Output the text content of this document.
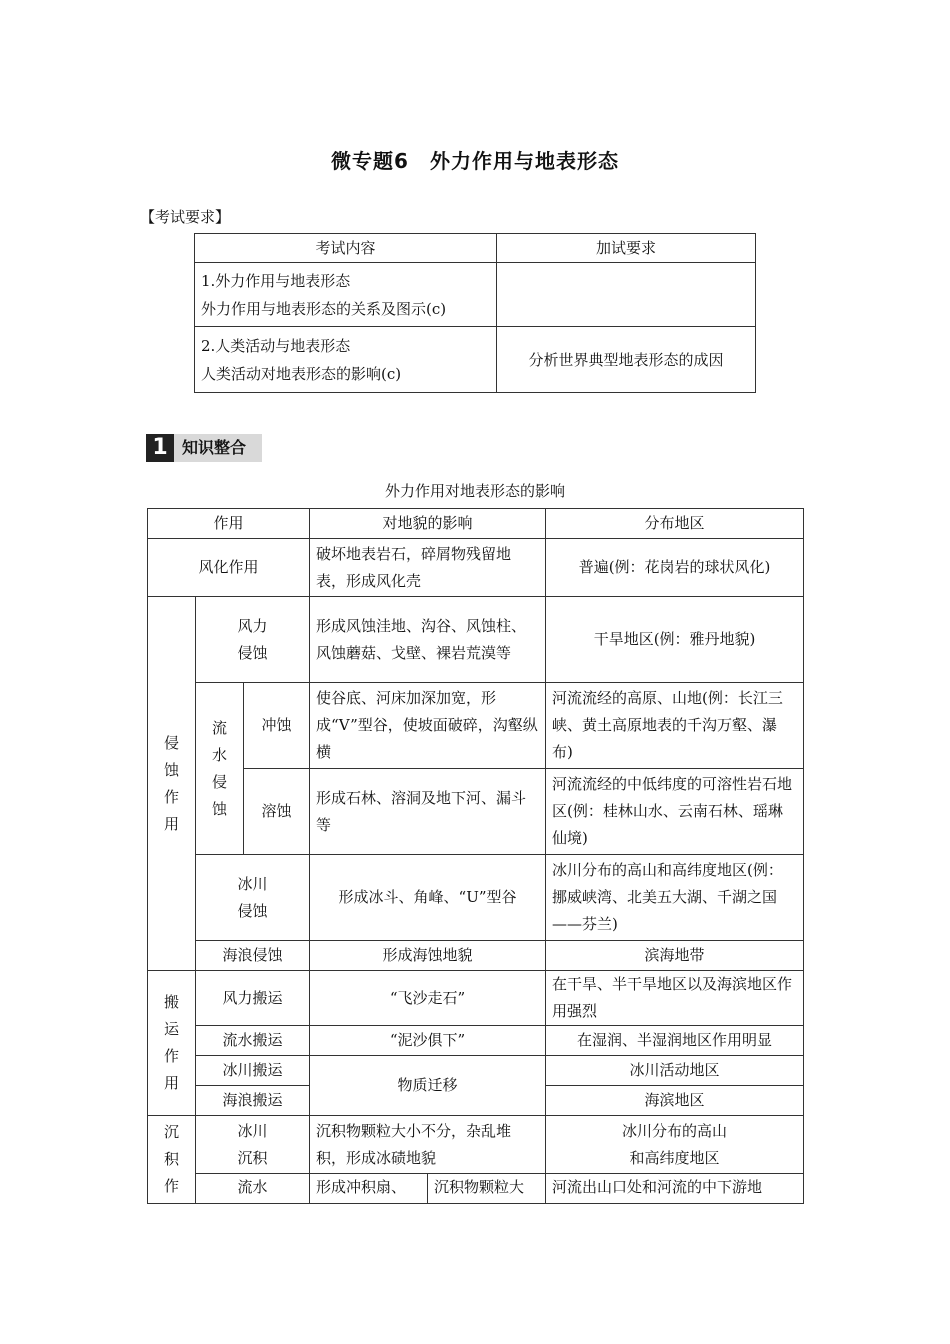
微专题6　外力作用与地表形态
【考试要求】
考试内容	加试要求

1.外力作用与地表形态
外力作用与地表形态的关系及图示(c)	

2.人类活动与地表形态
人类活动对地表形态的影响(c)	分析世界典型地表形态的成因
1 知识整合
外力作用对地表形态的影响
作用			对地貌的影响		分布地区
风化作用			破坏地表岩石，碎屑物残留地表，形成风化壳		普遍(例：花岗岩的球状风化)

侵蚀作用	风力侵蚀		形成风蚀洼地、沟谷、风蚀柱、风蚀蘑菇、戈壁、裸岩荒漠等		干旱地区(例：雅丹地貌)

	流水侵蚀	冲蚀	使谷底、河床加深加宽，形成“V”型谷，使坡面破碎，沟壑纵横		河流流经的高原、山地(例：长江三峡、黄土高原地表的千沟万壑、瀑布)
		溶蚀	形成石林、溶洞及地下河、漏斗等		河流流经的中低纬度的可溶性岩石地区(例：桂林山水、云南石林、瑶琳仙境)

	冰川侵蚀		形成冰斗、角峰、“U”型谷		冰川分布的高山和高纬度地区(例：挪威峡湾、北美五大湖、千湖之国——芬兰)
	海浪侵蚀		形成海蚀地貌		滨海地带

搬运作用	风力搬运		“飞沙走石”		在干旱、半干旱地区以及海滨地区作用强烈
	流水搬运		“泥沙俱下”		在湿润、半湿润地区作用明显
	冰川搬运		物质迁移		冰川活动地区
	海浪搬运				海滨地区

沉积作	冰川沉积		沉积物颗粒大小不分，杂乱堆积，形成冰碛地貌		冰川分布的高山
和高纬度地区

	流水		形成冲积扇、	沉积物颗粒大	河流出山口处和河流的中下游地
